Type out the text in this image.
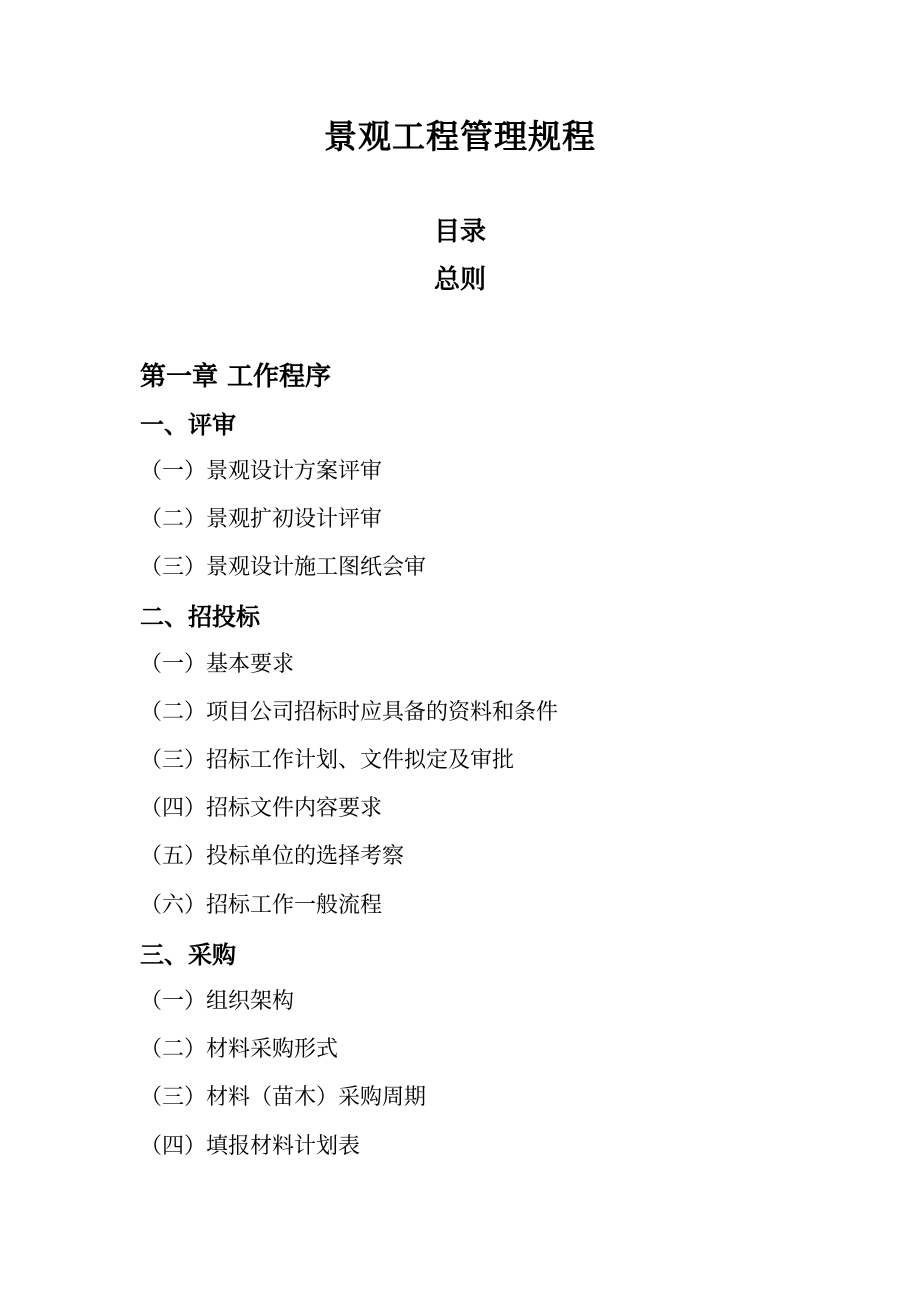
景观工程管理规程
目录
总则
第一章 工作程序
一、评审
（一）景观设计方案评审
（二）景观扩初设计评审
（三）景观设计施工图纸会审
二、招投标
（一）基本要求
（二）项目公司招标时应具备的资料和条件
（三）招标工作计划、文件拟定及审批
（四）招标文件内容要求
（五）投标单位的选择考察
（六）招标工作一般流程
三、采购
（一）组织架构
（二）材料采购形式
（三）材料（苗木）采购周期
（四）填报材料计划表
